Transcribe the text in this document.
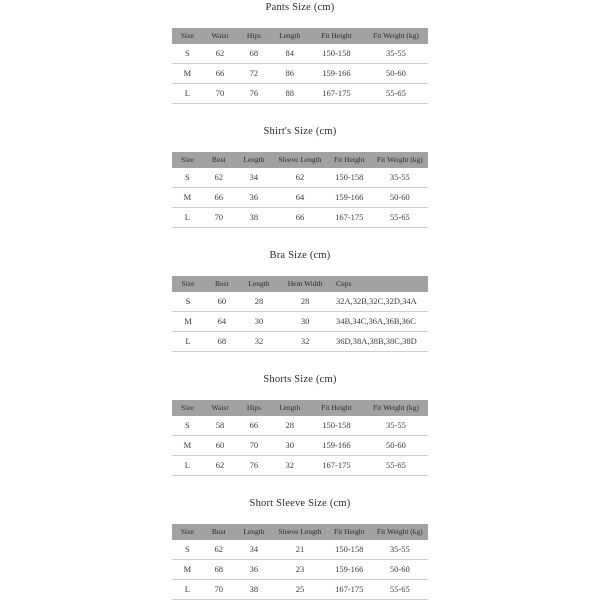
Pants Size (cm)
Size	Waist	Hips	Length	Fit Height	Fit Weight (kg)
S	62	68	84	150-158	35-55
M	66	72	86	159-166	50-60
L	70	76	88	167-175	55-65
Shirt's Size (cm)
Size	Bust	Length	Sleeve Length	Fit Height	Fit Weight (kg)
S	62	34	62	150-158	35-55
M	66	36	64	159-166	50-60
L	70	38	66	167-175	55-65
Bra Size (cm)
Size	Bust	Length	Hem Width	Cups
S	60	28	28	32A,32B,32C,32D,34A
M	64	30	30	34B,34C,36A,36B,36C
L	68	32	32	36D,38A,38B,38C,38D
Shorts Size (cm)
Size	Waist	Hips	Length	Fit Height	Fit Weight (kg)
S	58	66	28	150-158	35-55
M	60	70	30	159-166	50-60
L	62	76	32	167-175	55-65
Short Sleeve Size (cm)
Size	Bust	Length	Sleeve Length	Fit Height	Fit Weight (kg)
S	62	34	21	150-158	35-55
M	68	36	23	159-166	50-60
L	70	38	25	167-175	55-65
